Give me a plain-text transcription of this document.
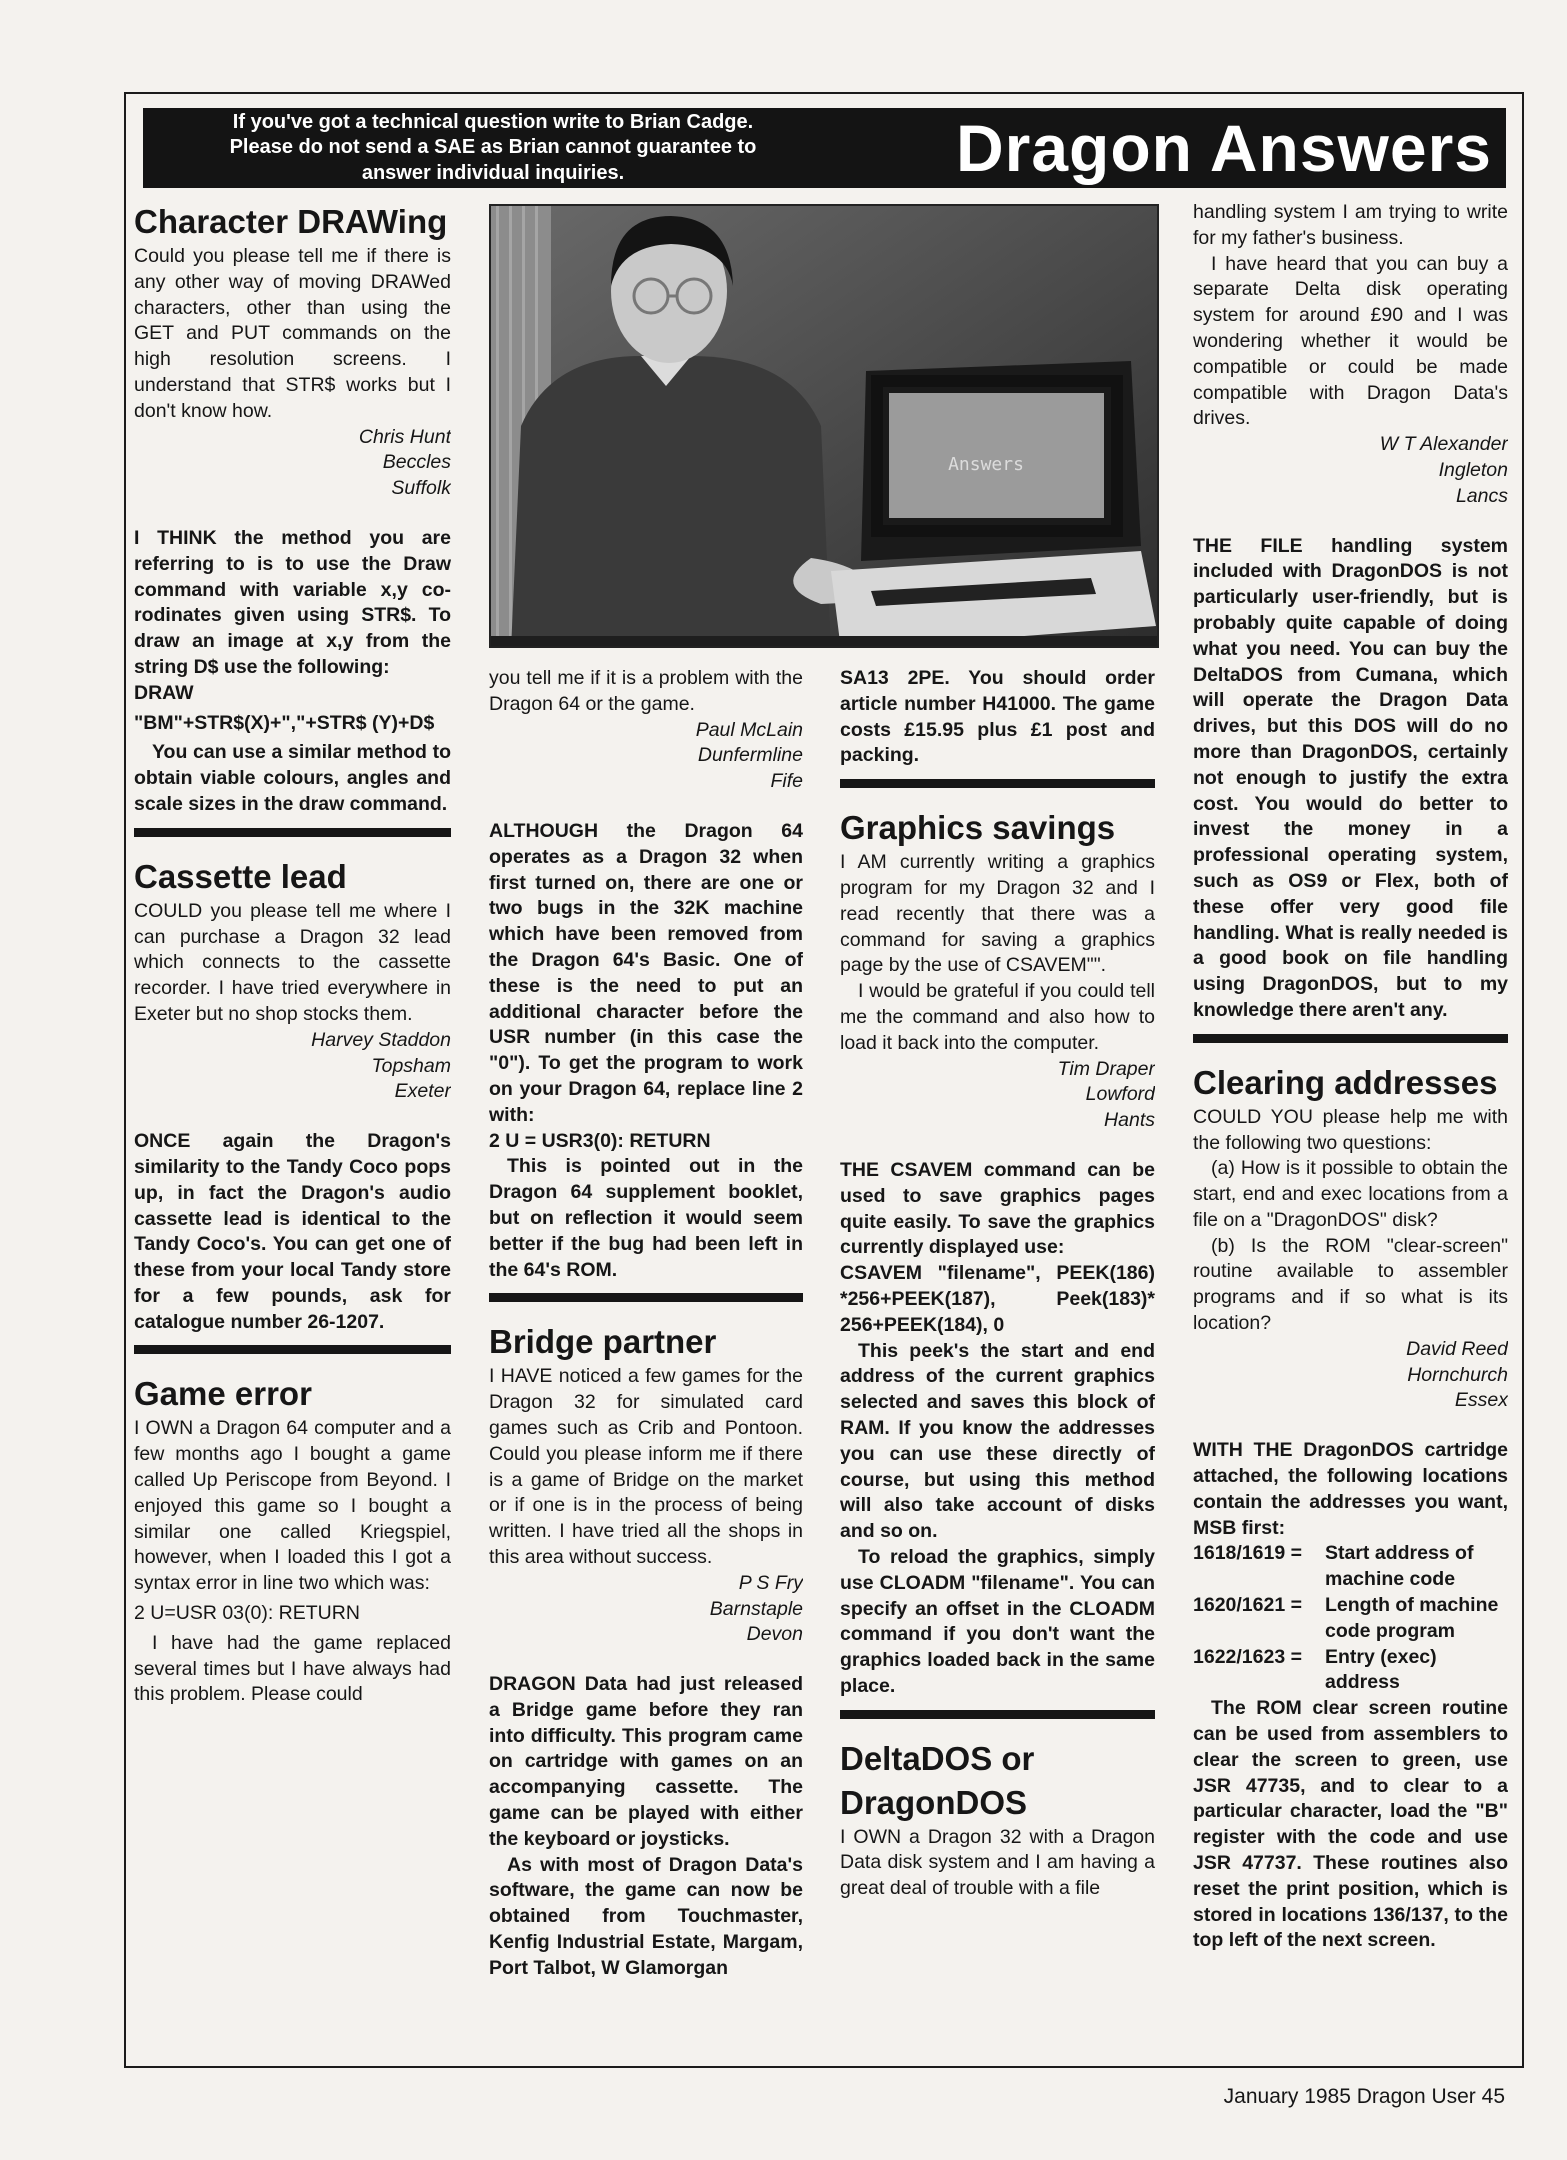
If you've got a technical question write to Brian Cadge.
Please do not send a SAE as Brian cannot guarantee to
answer individual inquiries.	Dragon Answers
Character DRAWing

Could you please tell me if there is any other way of moving DRAWed characters, other than using the GET and PUT commands on the high resolution screens. I understand that STR$ works but I don't know how.

Chris Hunt

Beccles

Suffolk

I THINK the method you are referring to is to use the Draw command with variable x,y co-rodinates given using STR$. To draw an image at x,y from the string D$ use the following:

DRAW

"BM"+STR$(X)+","+STR$ (Y)+D$

You can use a similar method to obtain viable colours, angles and scale sizes in the draw command.

Cassette lead

COULD you please tell me where I can purchase a Dragon 32 lead which connects to the cassette recorder. I have tried everywhere in Exeter but no shop stocks them.

Harvey Staddon

Topsham

Exeter

ONCE again the Dragon's similarity to the Tandy Coco pops up, in fact the Dragon's audio cassette lead is identical to the Tandy Coco's. You can get one of these from your local Tandy store for a few pounds, ask for catalogue number 26-1207.

Game error

I OWN a Dragon 64 computer and a few months ago I bought a game called Up Periscope from Beyond. I enjoyed this game so I bought a similar one called Kriegspiel, however, when I loaded this I got a syntax error in line two which was:

2 U=USR 03(0): RETURN

I have had the game replaced several times but I have always had this problem. Please could

Answers

you tell me if it is a problem with the Dragon 64 or the game.

Paul McLain

Dunfermline

Fife

ALTHOUGH the Dragon 64 operates as a Dragon 32 when first turned on, there are one or two bugs in the 32K machine which have been removed from the Dragon 64's Basic. One of these is the need to put an additional character before the USR number (in this case the "0"). To get the program to work on your Dragon 64, replace line 2 with:

2 U = USR3(0): RETURN

This is pointed out in the Dragon 64 supplement booklet, but on reflection it would seem better if the bug had been left in the 64's ROM.

Bridge partner

I HAVE noticed a few games for the Dragon 32 for simulated card games such as Crib and Pontoon. Could you please inform me if there is a game of Bridge on the market or if one is in the process of being written. I have tried all the shops in this area without success.

P S Fry

Barnstaple

Devon

DRAGON Data had just released a Bridge game before they ran into difficulty. This program came on cartridge with games on an accompanying cassette. The game can be played with either the keyboard or joysticks.

As with most of Dragon Data's software, the game can now be obtained from Touchmaster, Kenfig Industrial Estate, Margam, Port Talbot, W Glamorgan

SA13 2PE. You should order article number H41000. The game costs £15.95 plus £1 post and packing.

Graphics savings

I AM currently writing a graphics program for my Dragon 32 and I read recently that there was a command for saving a graphics page by the use of CSAVEM"".

I would be grateful if you could tell me the command and also how to load it back into the computer.

Tim Draper

Lowford

Hants

THE CSAVEM command can be used to save graphics pages quite easily. To save the graphics currently displayed use:

CSAVEM "filename", PEEK(186) *256+PEEK(187), Peek(183)* 256+PEEK(184), 0

This peek's the start and end address of the current graphics selected and saves this block of RAM. If you know the addresses you can use these directly of course, but using this method will also take account of disks and so on.

To reload the graphics, simply use CLOADM "filename". You can specify an offset in the CLOADM command if you don't want the graphics loaded back in the same place.

DeltaDOS or DragonDOS

I OWN a Dragon 32 with a Dragon Data disk system and I am having a great deal of trouble with a file

handling system I am trying to write for my father's business.

I have heard that you can buy a separate Delta disk operating system for around £90 and I was wondering whether it would be compatible or could be made compatible with Dragon Data's drives.

W T Alexander

Ingleton

Lancs

THE FILE handling system included with DragonDOS is not particularly user-friendly, but is probably quite capable of doing what you need. You can buy the DeltaDOS from Cumana, which will operate the Dragon Data drives, but this DOS will do no more than DragonDOS, certainly not enough to justify the extra cost. You would do better to invest the money in a professional operating system, such as OS9 or Flex, both of these offer very good file handling. What is really needed is a good book on file handling using DragonDOS, but to my knowledge there aren't any.

Clearing addresses

COULD YOU please help me with the following two questions:

(a) How is it possible to obtain the start, end and exec locations from a file on a "DragonDOS" disk?

(b) Is the ROM "clear-screen" routine available to assembler programs and if so what is its location?

David Reed

Hornchurch

Essex

WITH THE DragonDOS cartridge attached, the following locations contain the addresses you want, MSB first:

1618/1619 =	Start address of machine code
1620/1621 =	Length of machine code program
1622/1623 =	Entry (exec) address

The ROM clear screen routine can be used from assemblers to clear the screen to green, use JSR 47735, and to clear to a particular character, load the "B" register with the code and use JSR 47737. These routines also reset the print position, which is stored in locations 136/137, to the top left of the next screen.

January 1985 Dragon User 45
